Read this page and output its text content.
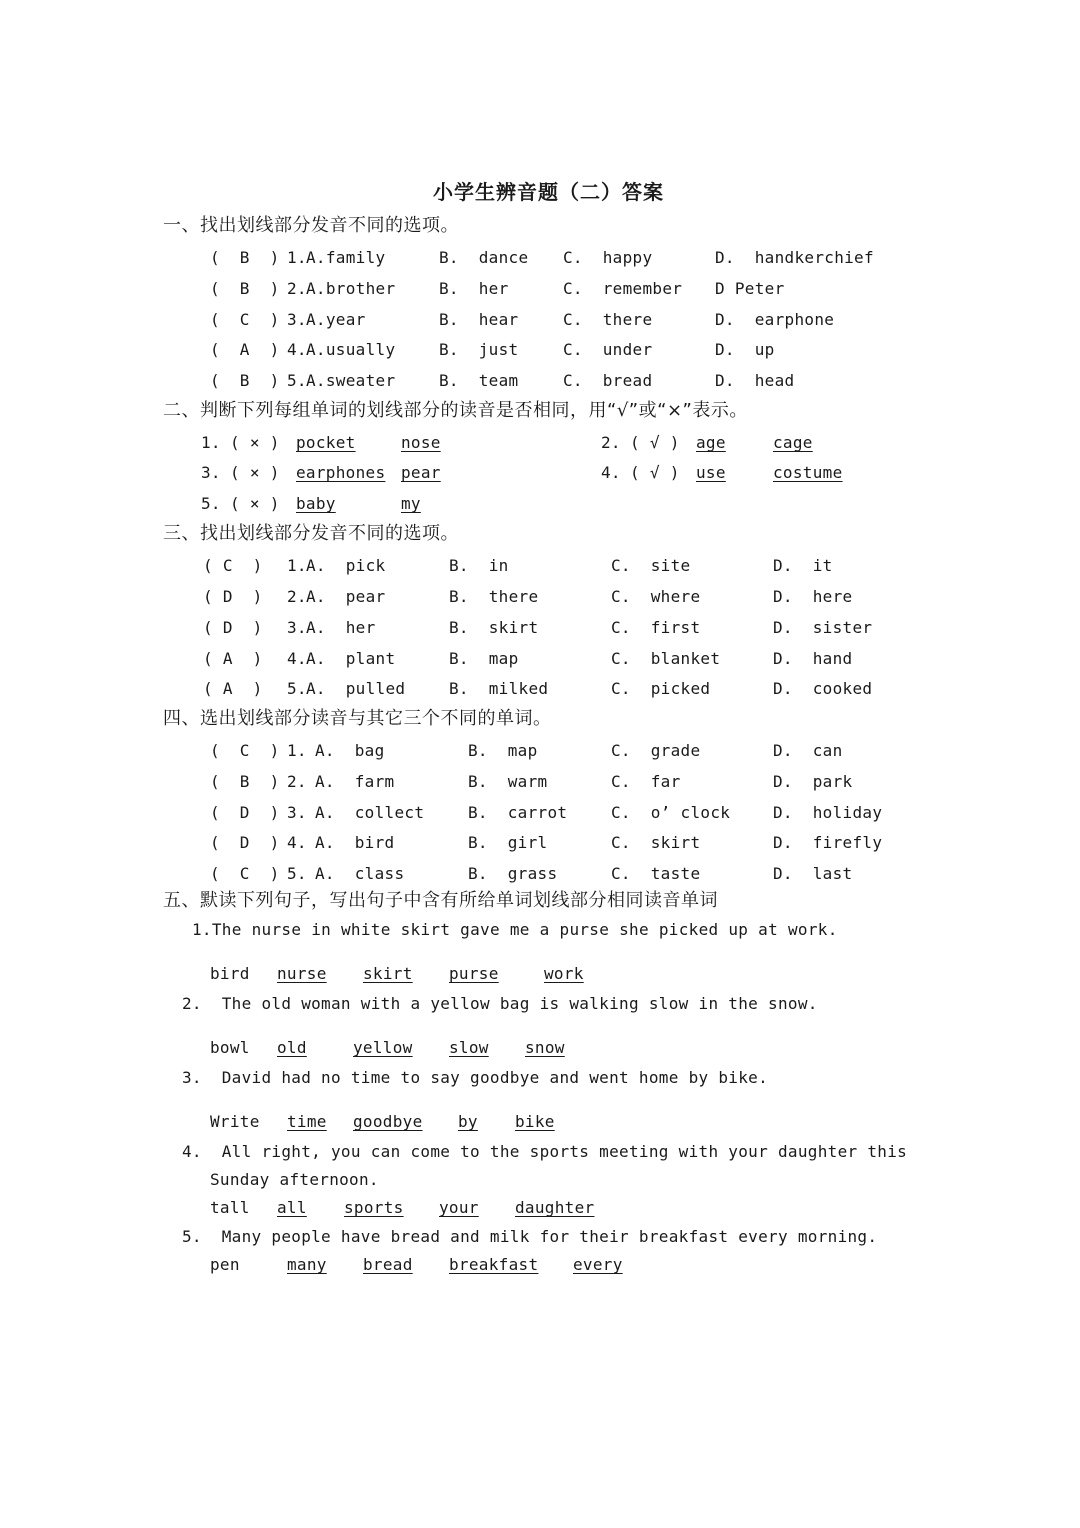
小学生辨音题（二）答案
一、找出划线部分发音不同的选项。
(  B  ) 1. A.family	B.  dance C.  happy	D.  handkerchief
(  B  ) 2. A.brother	B.  her	C.  remember D Peter
(  C  ) 3. A.year	B.  hear	C.  there	D.  earphone
(  A  ) 4. A.usually	B.  just	C.  under	D.  up
(  B  ) 5. A.sweater	B.  team	C.  bread	D.  head
二、判断下列每组单词的划线部分的读音是否相同，用“√”或“×”表示。
1. ( × ) pocket	nose	2. ( √ ) age	cage
3. ( × ) earphones pear	4. ( √ ) use	costume
5. ( × ) baby	my
三、找出划线部分发音不同的选项。
( C  ) 1. A.  pick	B.  in	C.  site	D.  it
( D  ) 2. A.  pear	B.  there	C.  where	D.  here
( D  ) 3. A.  her	B.  skirt	C.  first	D.  sister
( A  ) 4. A.  plant	B.  map	C.  blanket	D.  hand
( A  ) 5. A.  pulled	B.  milked	C.  picked	D.  cooked
四、选出划线部分读音与其它三个不同的单词。
(  C  ) 1. A.  bag	B.  map	C.  grade	D.  can
(  B  ) 2. A.  farm	B.  warm	C.  far	D.  park
(  D  ) 3. A.  collect	B.  carrot	C.  o’ clock	D.  holiday
(  D  ) 4. A.  bird	B.  girl	C.  skirt	D.  firefly
(  C  ) 5. A.  class	B.  grass	C.  taste	D.  last
五、默读下列句子，写出句子中含有所给单词划线部分相同读音单词
1.The nurse in white skirt gave me a purse she picked up at work.
bird nurse skirt purse	work
2.  The old woman with a yellow bag is walking slow in the snow.
bowl old	yellow slow snow
3.  David had no time to say goodbye and went home by bike.
Write time goodbye by bike
4.  All right, you can come to the sports meeting with your daughter this
Sunday afternoon.
tall all sports your daughter
5.  Many people have bread and milk for their breakfast every morning.
pen	many bread breakfast every
